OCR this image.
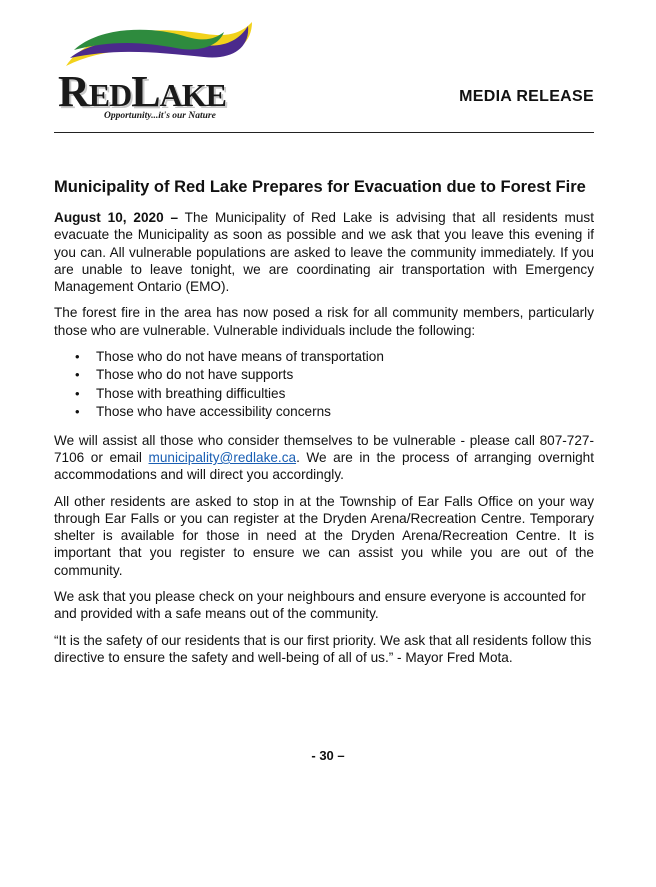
REDLAKE
Opportunity...it's our Nature
MEDIA RELEASE
Municipality of Red Lake Prepares for Evacuation due to Forest Fire

August 10, 2020 – The Municipality of Red Lake is advising that all residents must evacuate the Municipality as soon as possible and we ask that you leave this evening if you can. All vulnerable populations are asked to leave the community immediately. If you are unable to leave tonight, we are coordinating air transportation with Emergency Management Ontario (EMO).

The forest fire in the area has now posed a risk for all community members, particularly those who are vulnerable. Vulnerable individuals include the following:

• Those who do not have means of transportation
• Those who do not have supports
• Those with breathing difficulties
• Those who have accessibility concerns

We will assist all those who consider themselves to be vulnerable - please call 807-727-7106 or email municipality@redlake.ca. We are in the process of arranging overnight accommodations and will direct you accordingly.

All other residents are asked to stop in at the Township of Ear Falls Office on your way through Ear Falls or you can register at the Dryden Arena/Recreation Centre. Temporary shelter is available for those in need at the Dryden Arena/Recreation Centre. It is important that you register to ensure we can assist you while you are out of the community.

We ask that you please check on your neighbours and ensure everyone is accounted for and provided with a safe means out of the community.

“It is the safety of our residents that is our first priority. We ask that all residents follow this directive to ensure the safety and well-being of all of us.” - Mayor Fred Mota.

- 30 –
